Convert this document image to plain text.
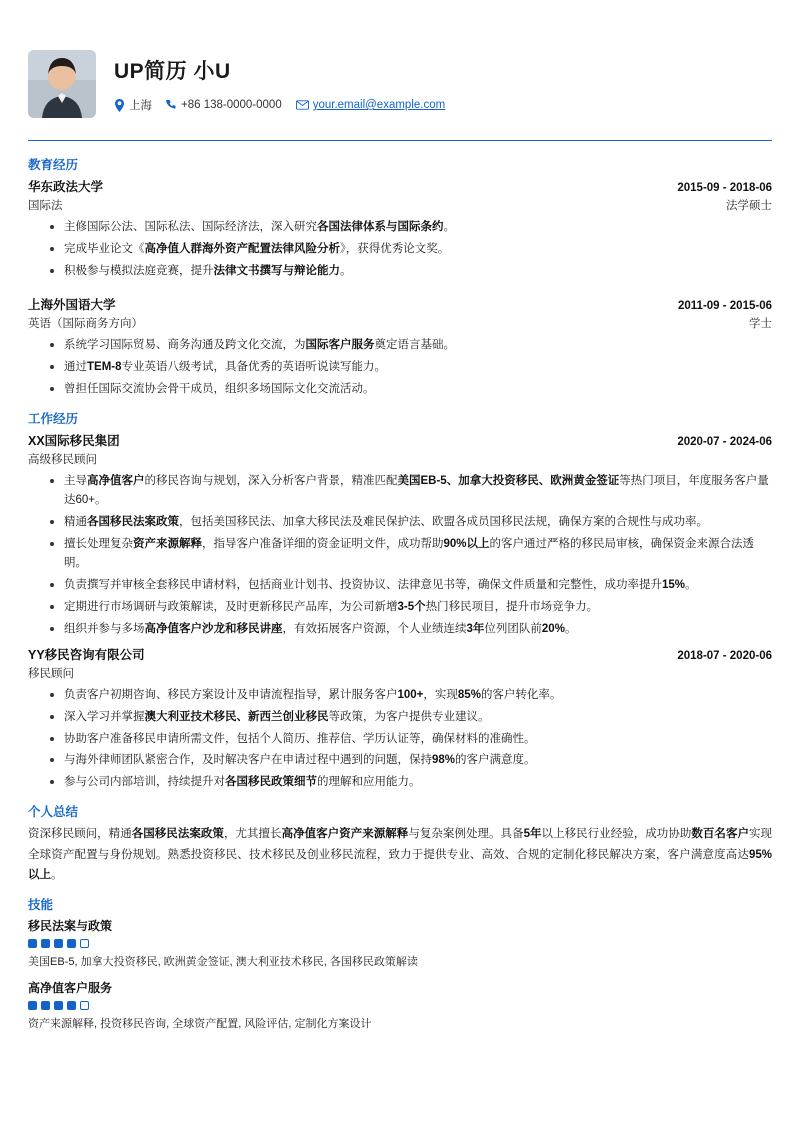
UP简历 小U
上海	+86 138-0000-0000	your.email@example.com
教育经历
华东政法大学	2015-09 - 2018-06
国际法	法学硕士
主修国际公法、国际私法、国际经济法，深入研究各国法律体系与国际条约。
完成毕业论文《高净值人群海外资产配置法律风险分析》，获得优秀论文奖。
积极参与模拟法庭竞赛，提升法律文书撰写与辩论能力。
上海外国语大学	2011-09 - 2015-06
英语（国际商务方向）	学士
系统学习国际贸易、商务沟通及跨文化交流，为国际客户服务奠定语言基础。
通过TEM-8专业英语八级考试，具备优秀的英语听说读写能力。
曾担任国际交流协会骨干成员，组织多场国际文化交流活动。
工作经历
XX国际移民集团	2020-07 - 2024-06
高级移民顾问
主导高净值客户的移民咨询与规划，深入分析客户背景，精准匹配美国EB-5、加拿大投资移民、欧洲黄金签证等热门项目，年度服务客户量达60+。
精通各国移民法案政策，包括美国移民法、加拿大移民法及难民保护法、欧盟各成员国移民法规，确保方案的合规性与成功率。
擅长处理复杂资产来源解释，指导客户准备详细的资金证明文件，成功帮助90%以上的客户通过严格的移民局审核，确保资金来源合法透明。
负责撰写并审核全套移民申请材料，包括商业计划书、投资协议、法律意见书等，确保文件质量和完整性，成功率提升15%。
定期进行市场调研与政策解读，及时更新移民产品库，为公司新增3-5个热门移民项目，提升市场竞争力。
组织并参与多场高净值客户沙龙和移民讲座，有效拓展客户资源，个人业绩连续3年位列团队前20%。
YY移民咨询有限公司	2018-07 - 2020-06
移民顾问
负责客户初期咨询、移民方案设计及申请流程指导，累计服务客户100+，实现85%的客户转化率。
深入学习并掌握澳大利亚技术移民、新西兰创业移民等政策，为客户提供专业建议。
协助客户准备移民申请所需文件，包括个人简历、推荐信、学历认证等，确保材料的准确性。
与海外律师团队紧密合作，及时解决客户在申请过程中遇到的问题，保持98%的客户满意度。
参与公司内部培训，持续提升对各国移民政策细节的理解和应用能力。
个人总结
资深移民顾问，精通各国移民法案政策，尤其擅长高净值客户资产来源解释与复杂案例处理。具备5年以上移民行业经验，成功协助数百名客户实现全球资产配置与身份规划。熟悉投资移民、技术移民及创业移民流程，致力于提供专业、高效、合规的定制化移民解决方案，客户满意度高达95%以上。
技能
移民法案与政策
美国EB-5, 加拿大投资移民, 欧洲黄金签证, 澳大利亚技术移民, 各国移民政策解读
高净值客户服务
资产来源解释, 投资移民咨询, 全球资产配置, 风险评估, 定制化方案设计
